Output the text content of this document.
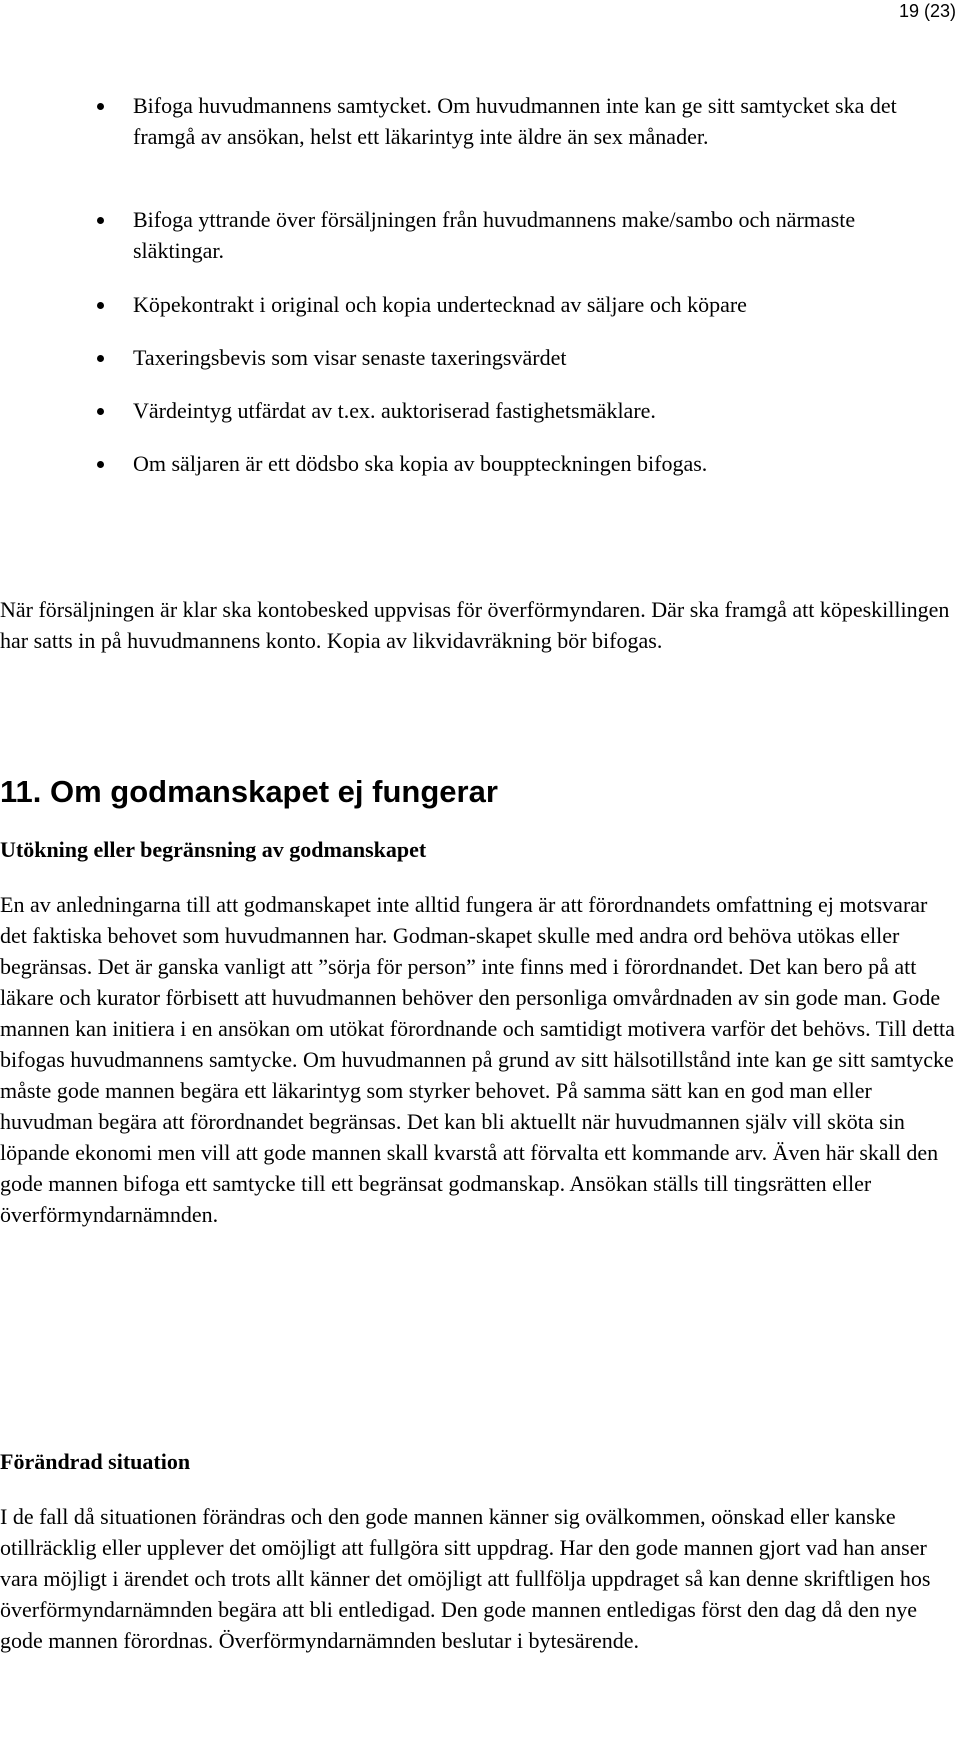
19 (23)
Bifoga huvudmannens samtycket. Om huvudmannen inte kan ge sitt samtycket ska det framgå av ansökan, helst ett läkarintyg inte äldre än sex månader.
Bifoga yttrande över försäljningen från huvudmannens make/sambo och närmaste släktingar.
Köpekontrakt i original och kopia undertecknad av säljare och köpare
Taxeringsbevis som visar senaste taxeringsvärdet
Värdeintyg utfärdat av t.ex. auktoriserad fastighetsmäklare.
Om säljaren är ett dödsbo ska kopia av bouppteckningen bifogas.

När försäljningen är klar ska kontobesked uppvisas för överförmyndaren. Där ska framgå att köpeskillingen har satts in på huvudmannens konto. Kopia av likvidavräkning bör bifogas.

11. Om godmanskapet ej fungerar
Utökning eller begränsning av godmanskapet

En av anledningarna till att godmanskapet inte alltid fungera är att förordnandets omfattning ej motsvarar det faktiska behovet som huvudmannen har. Godman-skapet skulle med andra ord behöva utökas eller begränsas. Det är ganska vanligt att ”sörja för person” inte finns med i förordnandet. Det kan bero på att läkare och kurator förbisett att huvudmannen behöver den personliga omvårdnaden av sin gode man. Gode mannen kan initiera i en ansökan om utökat förordnande och samtidigt motivera varför det behövs. Till detta bifogas huvudmannens samtycke. Om huvudmannen på grund av sitt hälsotillstånd inte kan ge sitt samtycke måste gode mannen begära ett läkarintyg som styrker behovet. På samma sätt kan en god man eller huvudman begära att förordnandet begränsas. Det kan bli aktuellt när huvudmannen själv vill sköta sin löpande ekonomi men vill att gode mannen skall kvarstå att förvalta ett kommande arv. Även här skall den gode mannen bifoga ett samtycke till ett begränsat godmanskap. Ansökan ställs till tingsrätten eller överförmyndarnämnden.

Förändrad situation

I de fall då situationen förändras och den gode mannen känner sig ovälkommen, oönskad eller kanske otillräcklig eller upplever det omöjligt att fullgöra sitt uppdrag. Har den gode mannen gjort vad han anser vara möjligt i ärendet och trots allt känner det omöjligt att fullfölja uppdraget så kan denne skriftligen hos överförmyndarnämnden begära att bli entledigad. Den gode mannen entledigas först den dag då den nye gode mannen förordnas. Överförmyndarnämnden beslutar i bytesärende.
